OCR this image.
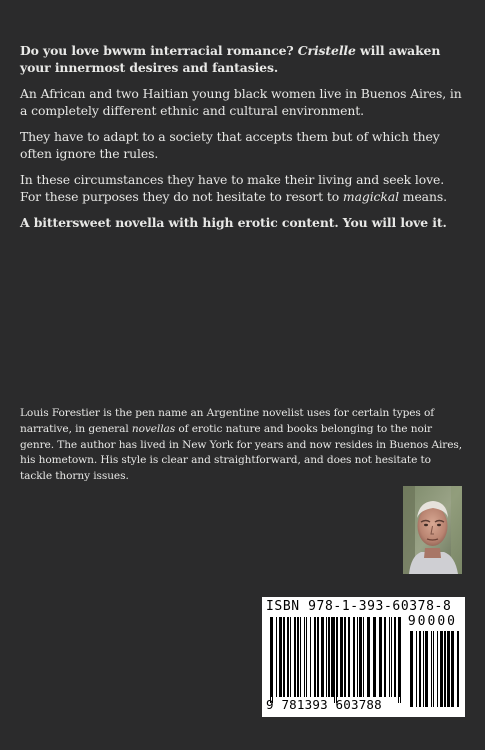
Do you love bwwm interracial romance? Cristelle will awaken your innermost desires and fantasies.

An African and two Haitian young black women live in Buenos Aires, in a completely different ethnic and cultural environment.

They have to adapt to a society that accepts them but of which they often ignore the rules.

In these circumstances they have to make their living and seek love. For these purposes they do not hesitate to resort to magickal means.

A bittersweet novella with high erotic content. You will love it.

Louis Forestier is the pen name an Argentine novelist uses for certain types of narrative, in general novellas of erotic nature and books belonging to the noir genre. The author has lived in New York for years and now resides in Buenos Aires, his hometown. His style is clear and straightforward, and does not hesitate to tackle thorny issues.

ISBN 978-1-393-60378-8
90000
9 781393 603788
